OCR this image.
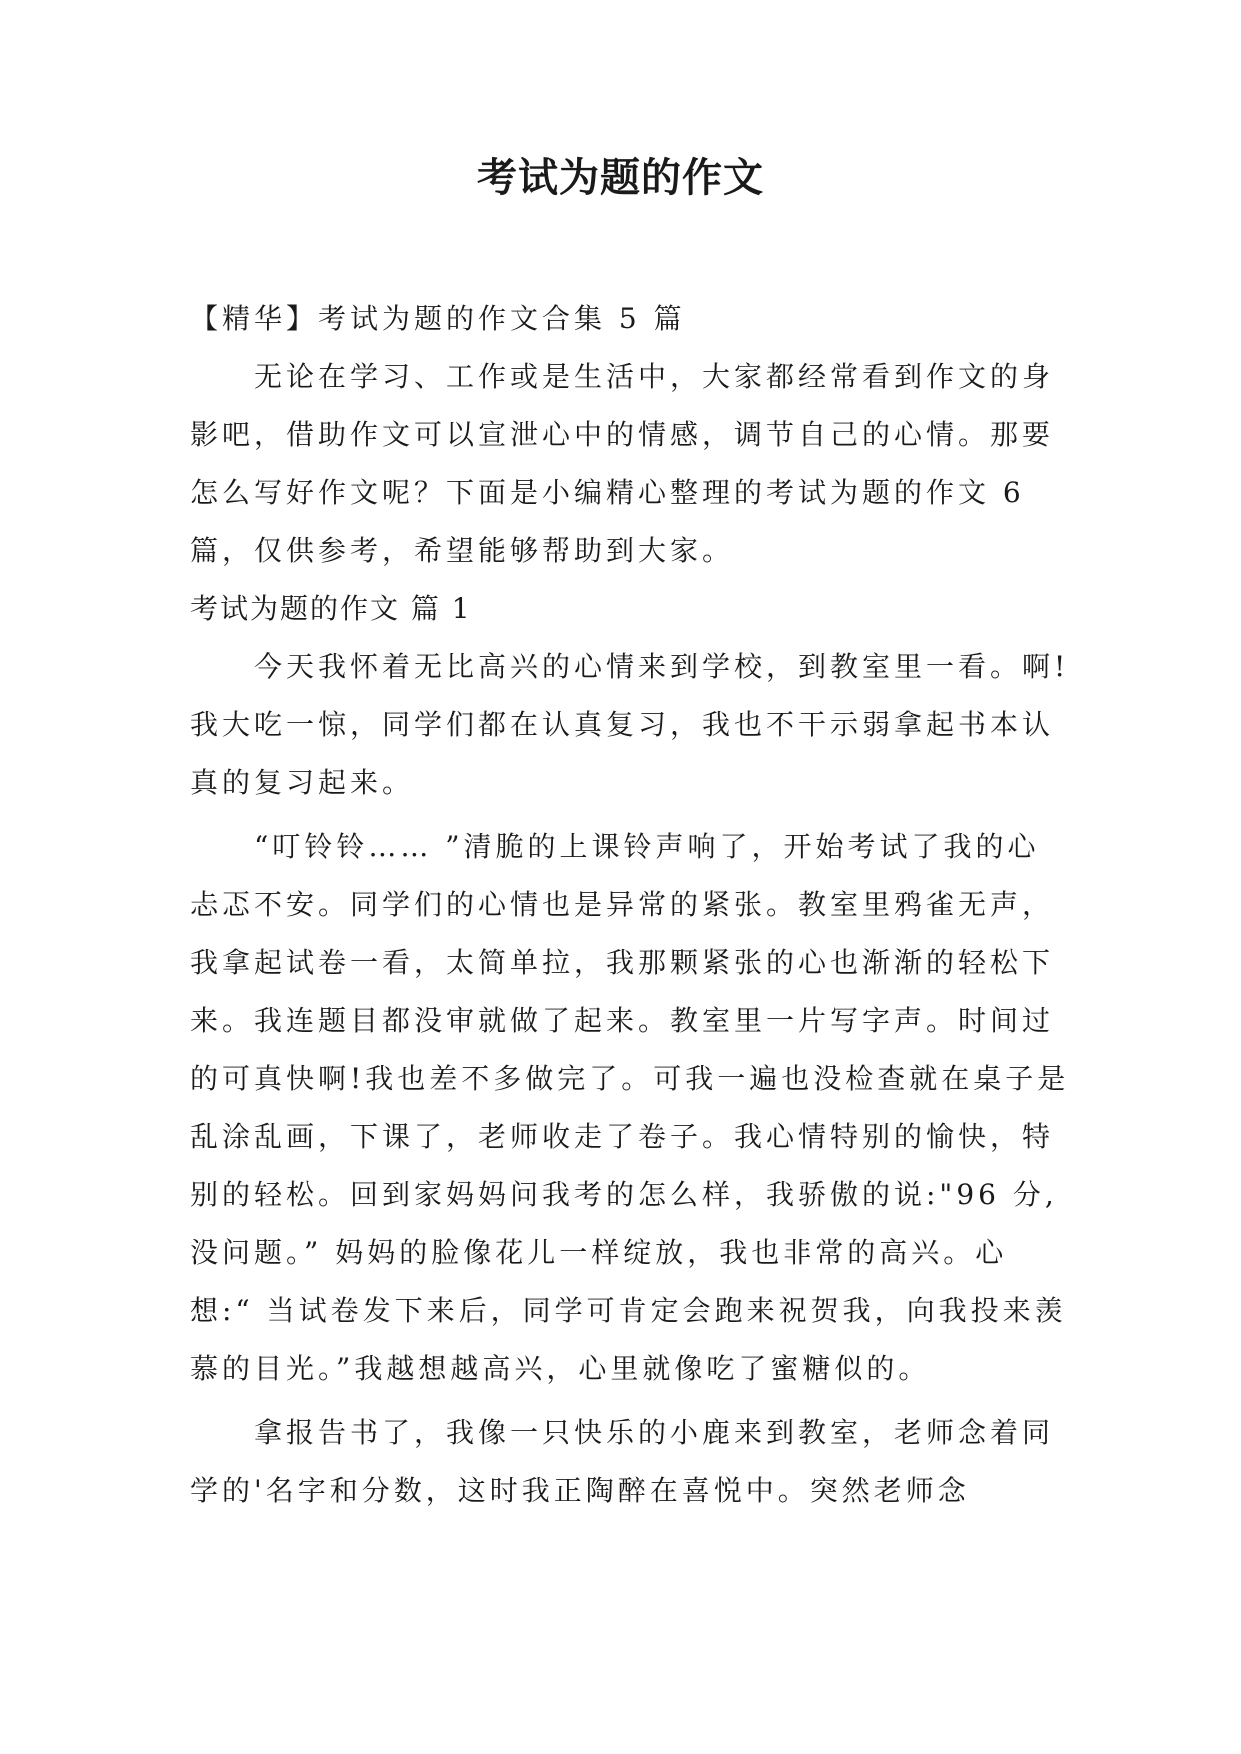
考试为题的作文

【精华】考试为题的作文合集 5 篇

无论在学习、工作或是生活中，大家都经常看到作文的身影吧，借助作文可以宣泄心中的情感，调节自己的心情。那要怎么写好作文呢？下面是小编精心整理的考试为题的作文 6 篇，仅供参考，希望能够帮助到大家。

考试为题的作文 篇 1

今天我怀着无比高兴的心情来到学校，到教室里一看。啊!我大吃一惊，同学们都在认真复习，我也不干示弱拿起书本认真的复习起来。

“叮铃铃…… ”清脆的上课铃声响了，开始考试了我的心忐忑不安。同学们的心情也是异常的紧张。教室里鸦雀无声，我拿起试卷一看，太简单拉，我那颗紧张的心也渐渐的轻松下来。我连题目都没审就做了起来。教室里一片写字声。时间过的可真快啊!我也差不多做完了。可我一遍也没检查就在桌子是乱涂乱画，下课了，老师收走了卷子。我心情特别的愉快，特别的轻松。回到家妈妈问我考的怎么样，我骄傲的说:"96 分,没问题。” 妈妈的脸像花儿一样绽放，我也非常的高兴。心想:“ 当试卷发下来后，同学可肯定会跑来祝贺我，向我投来羡慕的目光。”我越想越高兴，心里就像吃了蜜糖似的。

拿报告书了，我像一只快乐的小鹿来到教室，老师念着同学的'名字和分数，这时我正陶醉在喜悦中。突然老师念
